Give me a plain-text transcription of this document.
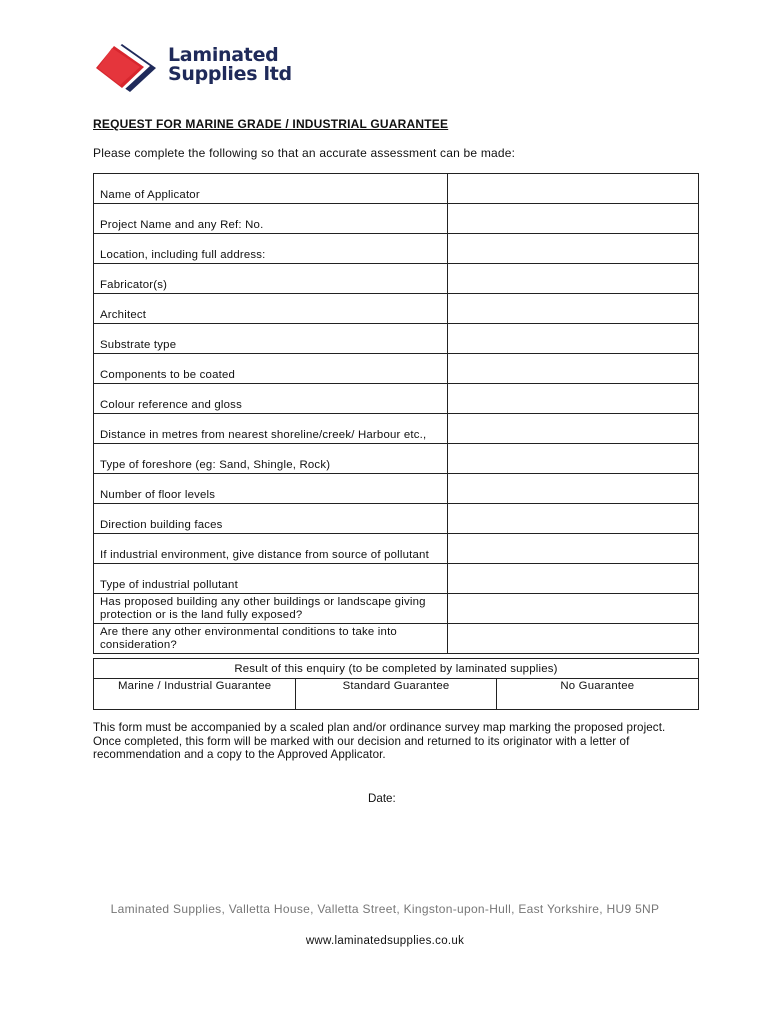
Laminated
Supplies ltd
REQUEST FOR MARINE GRADE / INDUSTRIAL GUARANTEE
Please complete the following so that an accurate assessment can be made:
Name of Applicator	
Project Name and any Ref: No.	
Location, including full address:	
Fabricator(s)	
Architect	
Substrate type	
Components to be coated	
Colour reference and gloss	
Distance in metres from nearest shoreline/creek/ Harbour etc.,	
Type of foreshore (eg: Sand, Shingle, Rock)	
Number of floor levels	
Direction building faces	
If industrial environment, give distance from source of pollutant	
Type of industrial pollutant	
Has proposed building any other buildings or landscape giving protection or is the land fully exposed?	
Are there any other environmental conditions to take into consideration?	
Result of this enquiry (to be completed by laminated supplies)
Marine / Industrial Guarantee	Standard Guarantee	No Guarantee
This form must be accompanied by a scaled plan and/or ordinance survey map marking the proposed project. Once completed, this form will be marked with our decision and returned to its originator with a letter of recommendation and a copy to the Approved Applicator.
Date:
Laminated Supplies, Valletta House, Valletta Street, Kingston-upon-Hull, East Yorkshire, HU9 5NP
www.laminatedsupplies.co.uk
